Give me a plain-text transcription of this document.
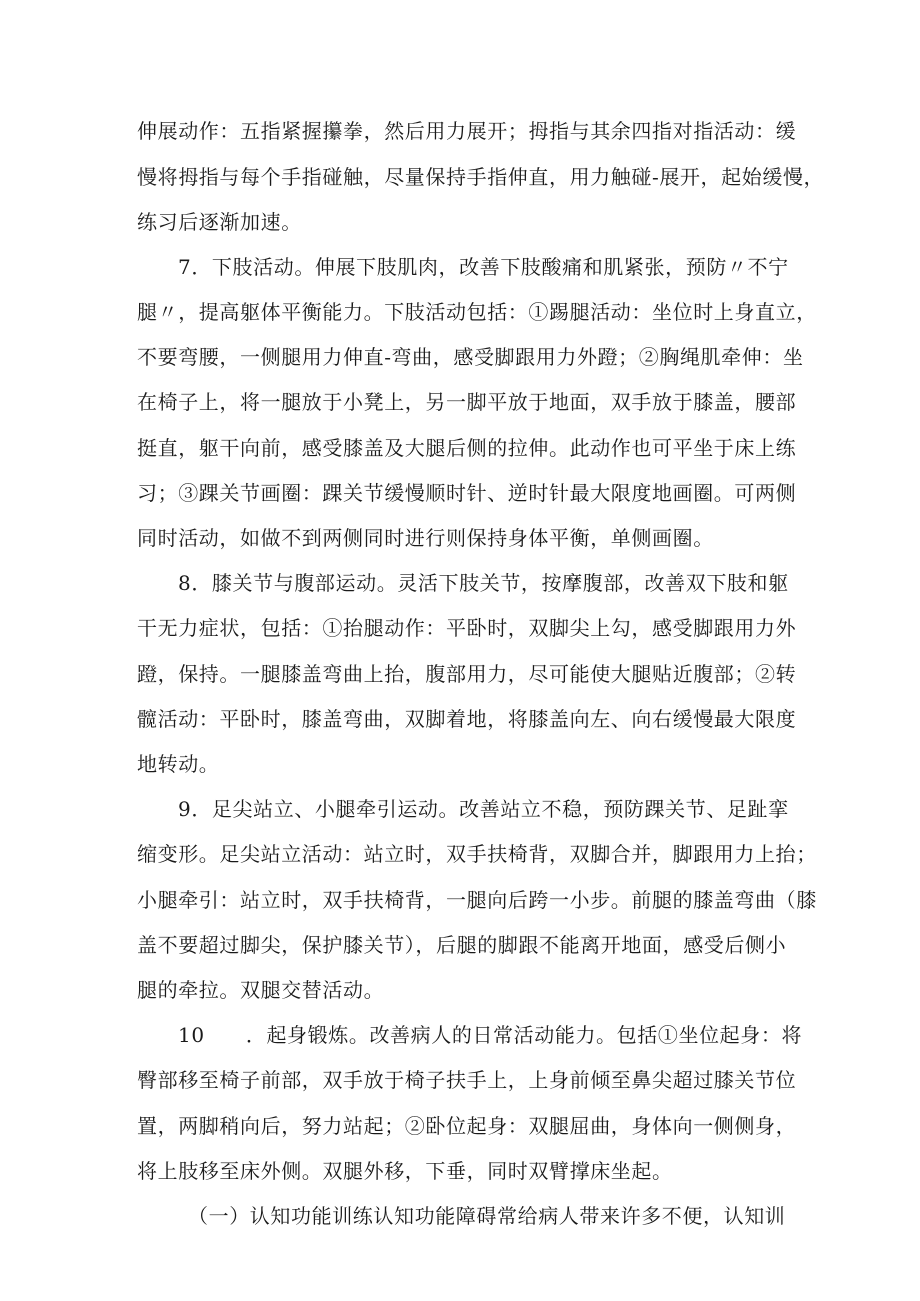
伸展动作：五指紧握攥拳，然后用力展开；拇指与其余四指对指活动：缓
慢将拇指与每个手指碰触，尽量保持手指伸直，用力触碰-展开，起始缓慢，
练习后逐渐加速。
7．下肢活动。伸展下肢肌肉，改善下肢酸痛和肌紧张，预防〃不宁
腿〃，提高躯体平衡能力。下肢活动包括：①踢腿活动：坐位时上身直立，
不要弯腰，一侧腿用力伸直-弯曲，感受脚跟用力外蹬；②胸绳肌牵伸：坐
在椅子上，将一腿放于小凳上，另一脚平放于地面，双手放于膝盖，腰部
挺直，躯干向前，感受膝盖及大腿后侧的拉伸。此动作也可平坐于床上练
习；③踝关节画圈：踝关节缓慢顺时针、逆时针最大限度地画圈。可两侧
同时活动，如做不到两侧同时进行则保持身体平衡，单侧画圈。
8．膝关节与腹部运动。灵活下肢关节，按摩腹部，改善双下肢和躯
干无力症状，包括：①抬腿动作：平卧时，双脚尖上勾，感受脚跟用力外
蹬，保持。一腿膝盖弯曲上抬，腹部用力，尽可能使大腿贴近腹部；②转
髋活动：平卧时，膝盖弯曲，双脚着地，将膝盖向左、向右缓慢最大限度
地转动。
9．足尖站立、小腿牵引运动。改善站立不稳，预防踝关节、足趾挛
缩变形。足尖站立活动：站立时，双手扶椅背，双脚合并，脚跟用力上抬；
小腿牵引：站立时，双手扶椅背，一腿向后跨一小步。前腿的膝盖弯曲（膝
盖不要超过脚尖，保护膝关节），后腿的脚跟不能离开地面，感受后侧小
腿的牵拉。双腿交替活动。
10　　．起身锻炼。改善病人的日常活动能力。包括①坐位起身：将
臀部移至椅子前部，双手放于椅子扶手上，上身前倾至鼻尖超过膝关节位
置，两脚稍向后，努力站起；②卧位起身：双腿屈曲，身体向一侧侧身，
将上肢移至床外侧。双腿外移，下垂，同时双臂撑床坐起。
（一）认知功能训练认知功能障碍常给病人带来许多不便，认知训
